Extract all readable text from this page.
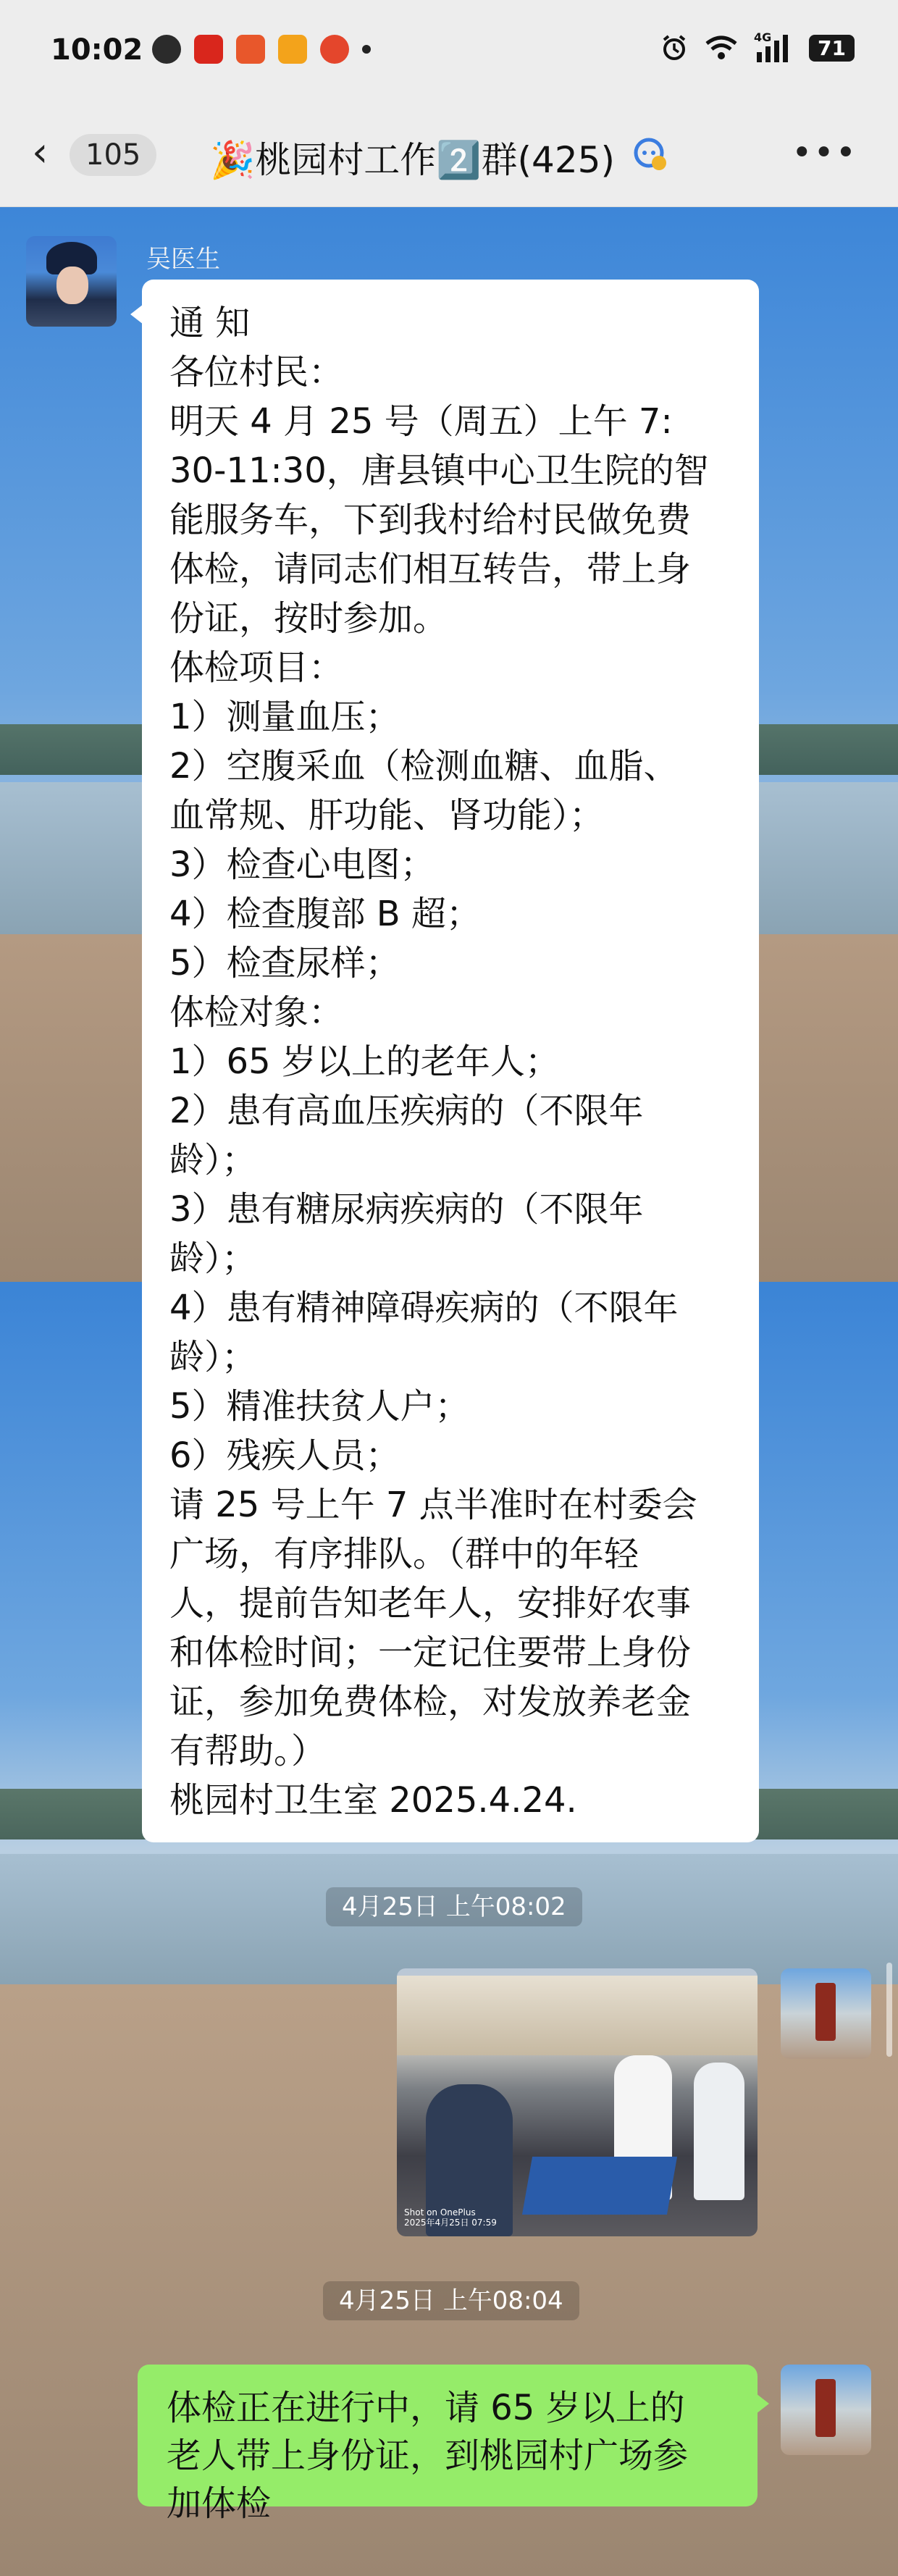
10:02	4G	71
‹	105	🎉桃园村工作2️⃣群(425)	•••
吴医生
通 知
各位村民：
明天 4 月 25 号（周五）上午 7:
30-11:30，唐县镇中心卫生院的智
能服务车，下到我村给村民做免费
体检，请同志们相互转告，带上身
份证，按时参加。
体检项目：
1）测量血压；
2）空腹采血（检测血糖、血脂、
血常规、肝功能、肾功能）；
3）检查心电图；
4）检查腹部 B 超；
5）检查尿样；
体检对象：
1）65 岁以上的老年人；
2）患有高血压疾病的（不限年
龄）；
3）患有糖尿病疾病的（不限年
龄）；
4）患有精神障碍疾病的（不限年
龄）；
5）精准扶贫人户；
6）残疾人员；
请 25 号上午 7 点半准时在村委会
广场，有序排队。（群中的年轻
人，提前告知老年人，安排好农事
和体检时间；一定记住要带上身份
证，参加免费体检，对发放养老金
有帮助。）
桃园村卫生室 2025.4.24.
4月25日 上午08:02
Shot on OnePlus
2025年4月25日 07:59
4月25日 上午08:04
体检正在进行中，请 65 岁以上的
老人带上身份证，到桃园村广场参
加体检
